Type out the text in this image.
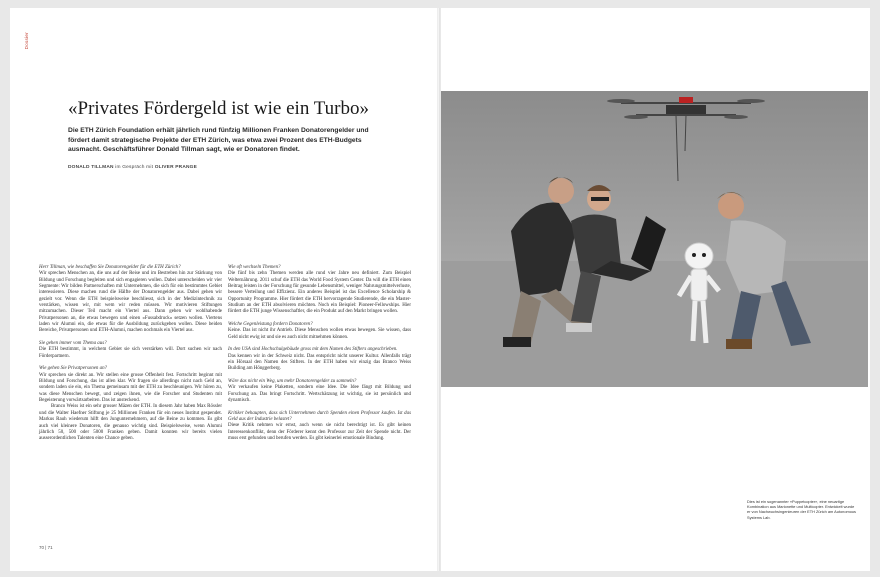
Dossier
«Privates Fördergeld ist wie ein Turbo»
Die ETH Zürich Foundation erhält jährlich rund fünfzig Millionen Franken Donatorengelder und fördert damit strategische Projekte der ETH Zürich, was etwa zwei Prozent des ETH-Budgets ausmacht. Geschäftsführer Donald Tillman sagt, wie er Donatoren findet.
DONALD TILLMAN im Gespräch mit OLIVER PRANGE
Herr Tillman, wie beschaffen Sie Donatorengelder für die ETH Zürich?
Wir sprechen Menschen an, die uns auf der Reise und im Bestreben hin zur Stärkung von Bildung und Forschung begleiten und sich engagieren wollen. Dabei unterscheiden wir vier Segmente: Wir bilden Partnerschaften mit Unternehmen, die sich für ein bestimmtes Gebiet interessieren. Diese machen rund die Hälfte der Donatorengelder aus. Dabei gehen wir gezielt vor. Wenn die ETH beispielsweise beschliesst, sich in der Medizintechnik zu verstärken, wissen wir, mit wem wir reden müssen. Wir motivieren Stiftungen mitzumachen. Dieser Teil macht ein Viertel aus. Dann gehen wir wohlhabende Privatpersonen an, die etwas bewegen und einen «Fussabdruck» setzen wollen. Viertens laden wir Alumni ein, die etwas für die Ausbildung zurückgeben wollen. Diese beiden Bereiche, Privatpersonen und ETH-Alumni, machen nochmals ein Viertel aus.
Sie gehen immer vom Thema aus?
Die ETH bestimmt, in welchem Gebiet sie sich verstärken will. Dort suchen wir nach Förderpartnern.
Wie gehen Sie Privatpersonen an?
Wir sprechen sie direkt an. Wir stellen eine grosse Offenheit fest. Fortschritt beginnt mit Bildung und Forschung, das ist allen klar. Wir fragen sie allerdings nicht nach Geld an, sondern laden sie ein, ein Thema gemeinsam mit der ETH zu beschleunigen. Wir hören zu, was diese Menschen bewegt, und zeigen ihnen, wie die Forscher und Studenten mit Begeisterung vorwärtsarbeiten. Das ist ansteckend.
Branco Weiss ist ein sehr grosser Mäzen der ETH. In diesem Jahr haben Max Rössler und die Walter Haefner Stiftung je 25 Millionen Franken für ein neues Institut gespendet. Markus Rauh wiederum hilft den Jungunternehmern, auf die Beine zu kommen. Es gibt auch viel kleinere Donatoren, die genauso wichtig sind. Beispielsweise, wenn Alumni jährlich 50, 500 oder 5000 Franken geben. Damit konnten wir bereits vielen ausserordentlichen Talenten eine Chance geben.
Wie oft wechseln Themen?
Die fünf bis zehn Themen werden alle rund vier Jahre neu definiert. Zum Beispiel Welternährung. 2011 schuf die ETH das World Food System Center. Da will die ETH einen Beitrag leisten in der Forschung für gesunde Lebensmittel, weniger Nahrungsmittelverluste, bessere Verteilung und Effizienz. Ein anderes Beispiel ist das Excellence Scholarship & Opportunity Programme. Hier fördert die ETH hervorragende Studierende, die ein Master-Studium an der ETH absolvieren möchten. Noch ein Beispiel: Pioneer-Fellowships. Hier fördert die ETH junge Wissenschaftler, die ein Produkt auf den Markt bringen wollen.
Welche Gegenleistung fordern Donatoren?
Keine. Das ist nicht ihr Antrieb. Diese Menschen wollen etwas bewegen. Sie wissen, dass Geld nicht ewig ist und sie es auch nicht mitnehmen können.
In den USA sind Hochschulgebäude gross mit dem Namen des Stifters angeschrieben.
Das kennen wir in der Schweiz nicht. Das entspricht nicht unserer Kultur. Allenfalls trägt ein Hörsaal den Namen des Stifters. In der ETH haben wir einzig das Branco Weiss Building am Hönggerberg.
Wäre das nicht ein Weg, um mehr Donatorengelder zu sammeln?
Wir verkaufen keine Plaketten, sondern eine Idee. Die Idee fängt mit Bildung und Forschung an. Das bringt Fortschritt. Wertschätzung ist wichtig, sie ist persönlich und dynamisch.
Kritiker behaupten, dass sich Unternehmen durch Spenden einen Professor kaufen. Ist das Geld aus der Industrie belastet?
Diese Kritik nehmen wir ernst, auch wenn sie nicht berechtigt ist. Es gibt keinen Interessenkonflikt, denn der Förderer kennt den Professor zur Zeit der Spende nicht. Der muss erst gefunden und berufen werden. Es gibt keinerlei emotionale Bindung.
70 | 71
Dies ist ein sogenannter «Puppetcopter», eine neuartige Kombination aus Marionette und Multicopter. Entwickelt wurde er von Nachwuchsingenieuren der ETH Zürich am Autonomous Systems Lab.
